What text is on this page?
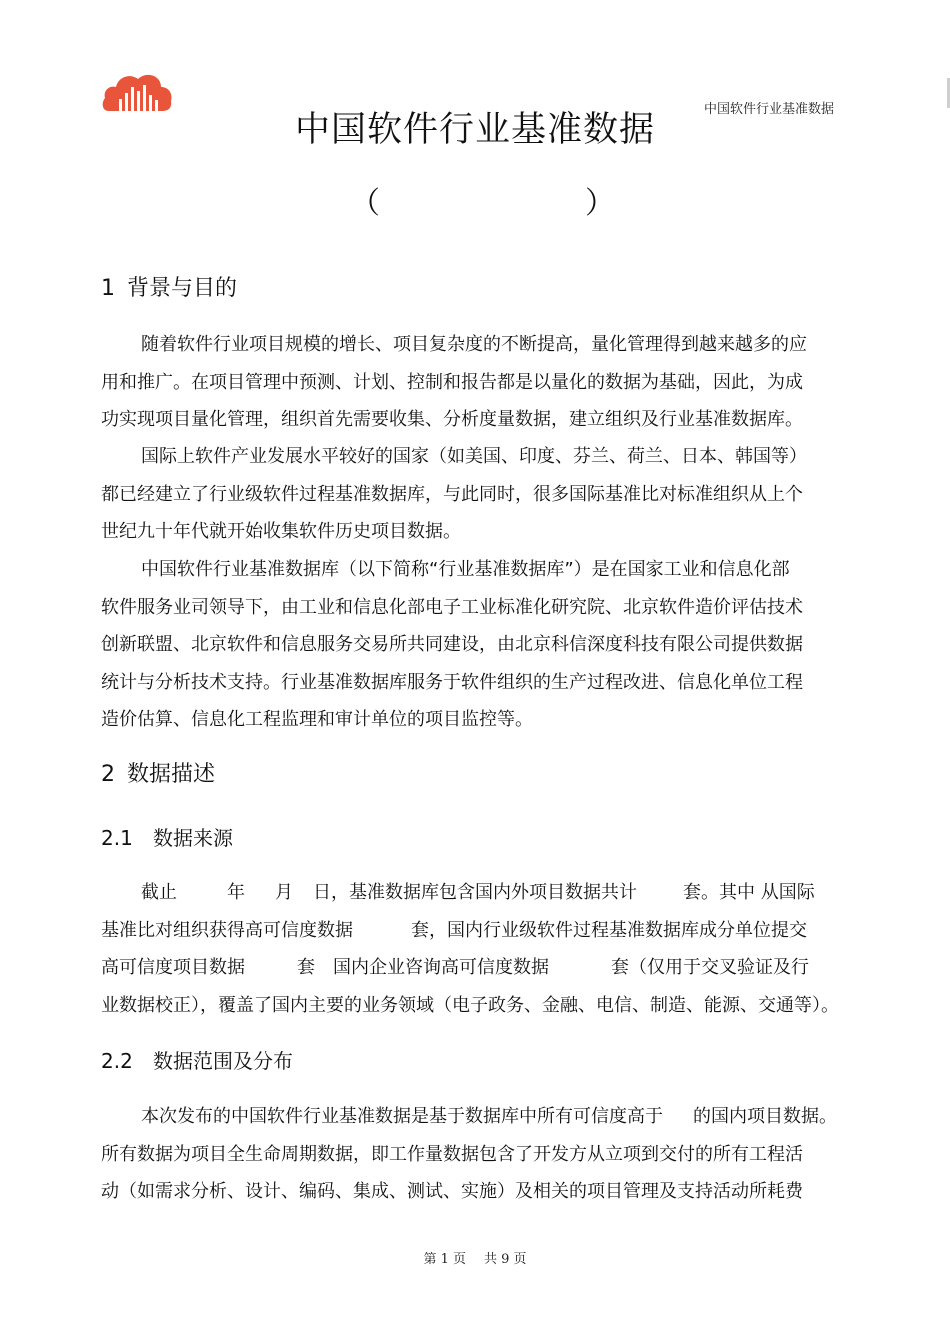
中国软件行业基准数据
中国软件行业基准数据
（	）
1 背景与目的
随着软件行业项目规模的增长、项目复杂度的不断提高，量化管理得到越来越多的应
用和推广。在项目管理中预测、计划、控制和报告都是以量化的数据为基础，因此，为成
功实现项目量化管理，组织首先需要收集、分析度量数据，建立组织及行业基准数据库。
国际上软件产业发展水平较好的国家（如美国、印度、芬兰、荷兰、日本、韩国等）
都已经建立了行业级软件过程基准数据库，与此同时，很多国际基准比对标准组织从上个
世纪九十年代就开始收集软件历史项目数据。
中国软件行业基准数据库（以下简称“行业基准数据库”）是在国家工业和信息化部
软件服务业司领导下，由工业和信息化部电子工业标准化研究院、北京软件造价评估技术
创新联盟、北京软件和信息服务交易所共同建设，由北京科信深度科技有限公司提供数据
统计与分析技术支持。行业基准数据库服务于软件组织的生产过程改进、信息化单位工程
造价估算、信息化工程监理和审计单位的项目监控等。
2 数据描述
2.1 数据来源
截止	年 月 日，基准数据库包含国内外项目数据共计	套。其中 从国际
基准比对组织获得高可信度数据	套，国内行业级软件过程基准数据库成分单位提交
高可信度项目数据	套 国内企业咨询高可信度数据	套（仅用于交叉验证及行
业数据校正），覆盖了国内主要的业务领域（电子政务、金融、电信、制造、能源、交通等）。
2.2 数据范围及分布
本次发布的中国软件行业基准数据是基于数据库中所有可信度高于 的国内项目数据。
所有数据为项目全生命周期数据，即工作量数据包含了开发方从立项到交付的所有工程活
动（如需求分析、设计、编码、集成、测试、实施）及相关的项目管理及支持活动所耗费
第 1 页 共 9 页
